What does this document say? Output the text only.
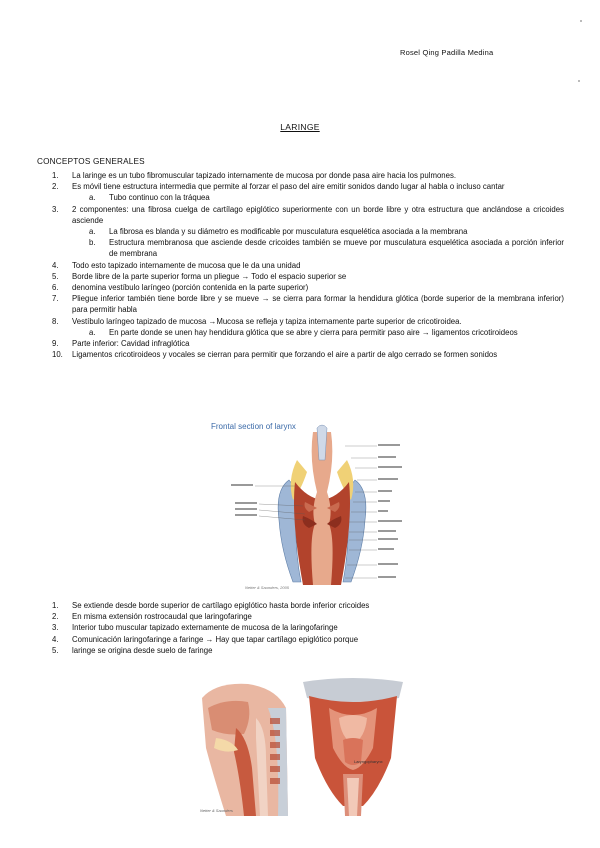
Rosel Qing Padilla Medina
LARINGE
CONCEPTOS GENERALES
1. La laringe es un tubo fibromuscular tapizado internamente de mucosa por donde pasa aire hacia los pulmones.
2. Es móvil tiene estructura intermedia que permite al forzar el paso del aire emitir sonidos dando lugar al habla o incluso cantar
a. Tubo continuo con la tráquea
3. 2 componentes: una fibrosa cuelga de cartílago epiglótico superiormente con un borde libre y otra estructura que anclándose a cricoides asciende
a. La fibrosa es blanda y su diámetro es modificable por musculatura esquelética asociada a la membrana
b. Estructura membranosa que asciende desde cricoides también se mueve por musculatura esquelética asociada a porción inferior de membrana
4. Todo esto tapizado internamente de mucosa que le da una unidad
5. Borde libre de la parte superior forma un pliegue → Todo el espacio superior se
6. denomina vestíbulo laríngeo (porción contenida en la parte superior)
7. Pliegue inferior también tiene borde libre y se mueve → se cierra para formar la hendidura glótica (borde superior de la membrana inferior) para permitir habla
8. Vestíbulo laríngeo tapizado de mucosa →Mucosa se refleja y tapiza internamente parte superior de cricotiroidea.
a. En parte donde se unen hay hendidura glótica que se abre y cierra para permitir paso aire → ligamentos cricotiroideos
9. Parte inferior: Cavidad infraglótica
10. Ligamentos cricotiroideos y vocales se cierran para permitir que forzando el aire a partir de algo cerrado se formen sonidos
Frontal section of larynx
Netter & Saunders, 2005
1. Se extiende desde borde superior de cartílago epiglótico hasta borde inferior cricoides
2. En misma extensión rostrocaudal que laringofaringe
3. Interior tubo muscular tapizado externamente de mucosa de la laringofaringe
4. Comunicación laringofaringe a faringe → Hay que tapar cartílago epiglótico porque
5. laringe se origina desde suelo de faringe
Netter & Saunders
Laryngopharynx
